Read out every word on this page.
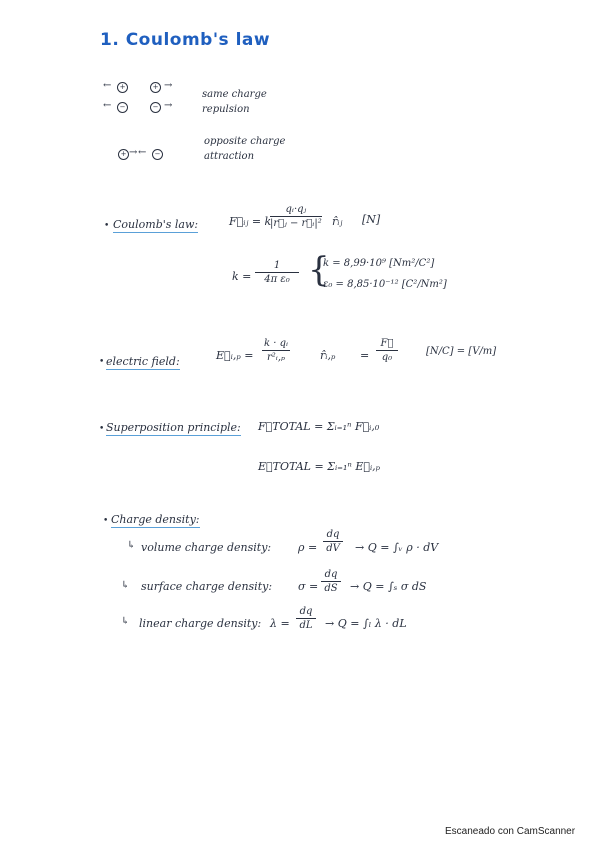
1. Coulomb's law
←	+	+ →
←	−	− →
same charge
repulsion
+ → ←	−
opposite charge
attraction
• Coulomb's law:	F⃗ᵢⱼ = k
$\frac{\text{qᵢ·qⱼ}}{\text{|r⃗ⱼ − r⃗ᵢ|²}}$ r̂ᵢⱼ [N]
$k = \frac{1}{\text{4π ε₀}}$ {
k = 8,99·10⁹ [Nm²/C²]
ε₀ = 8,85·10⁻¹² [C²/Nm²]
• electric field:	E⃗ᵢ,ₚ = $\frac{\text{k · qᵢ}}{\text{r²ᵢ,ₚ}}$	r̂ᵢ,ₚ = $\frac{F⃗}{\text{q₀}}$	[N/C] = [V/m]
• Superposition principle: F⃗TOTAL = Σᵢ₌₁ⁿ F⃗ᵢ,₀
E⃗TOTAL = Σᵢ₌₁ⁿ E⃗ᵢ,ₚ
• Charge density:
↳ volume charge density: $\rho = \frac{dq}{dV} \to Q$ = ∫ᵥ ρ · dV
↳ surface charge density: $\sigma = \frac{dq}{dS} \to Q = \int_s$ σ dS
↳ linear charge density: $\lambda = \frac{dq}{dL} \to Q = \int_l$ λ · dL
Escaneado con CamScanner
